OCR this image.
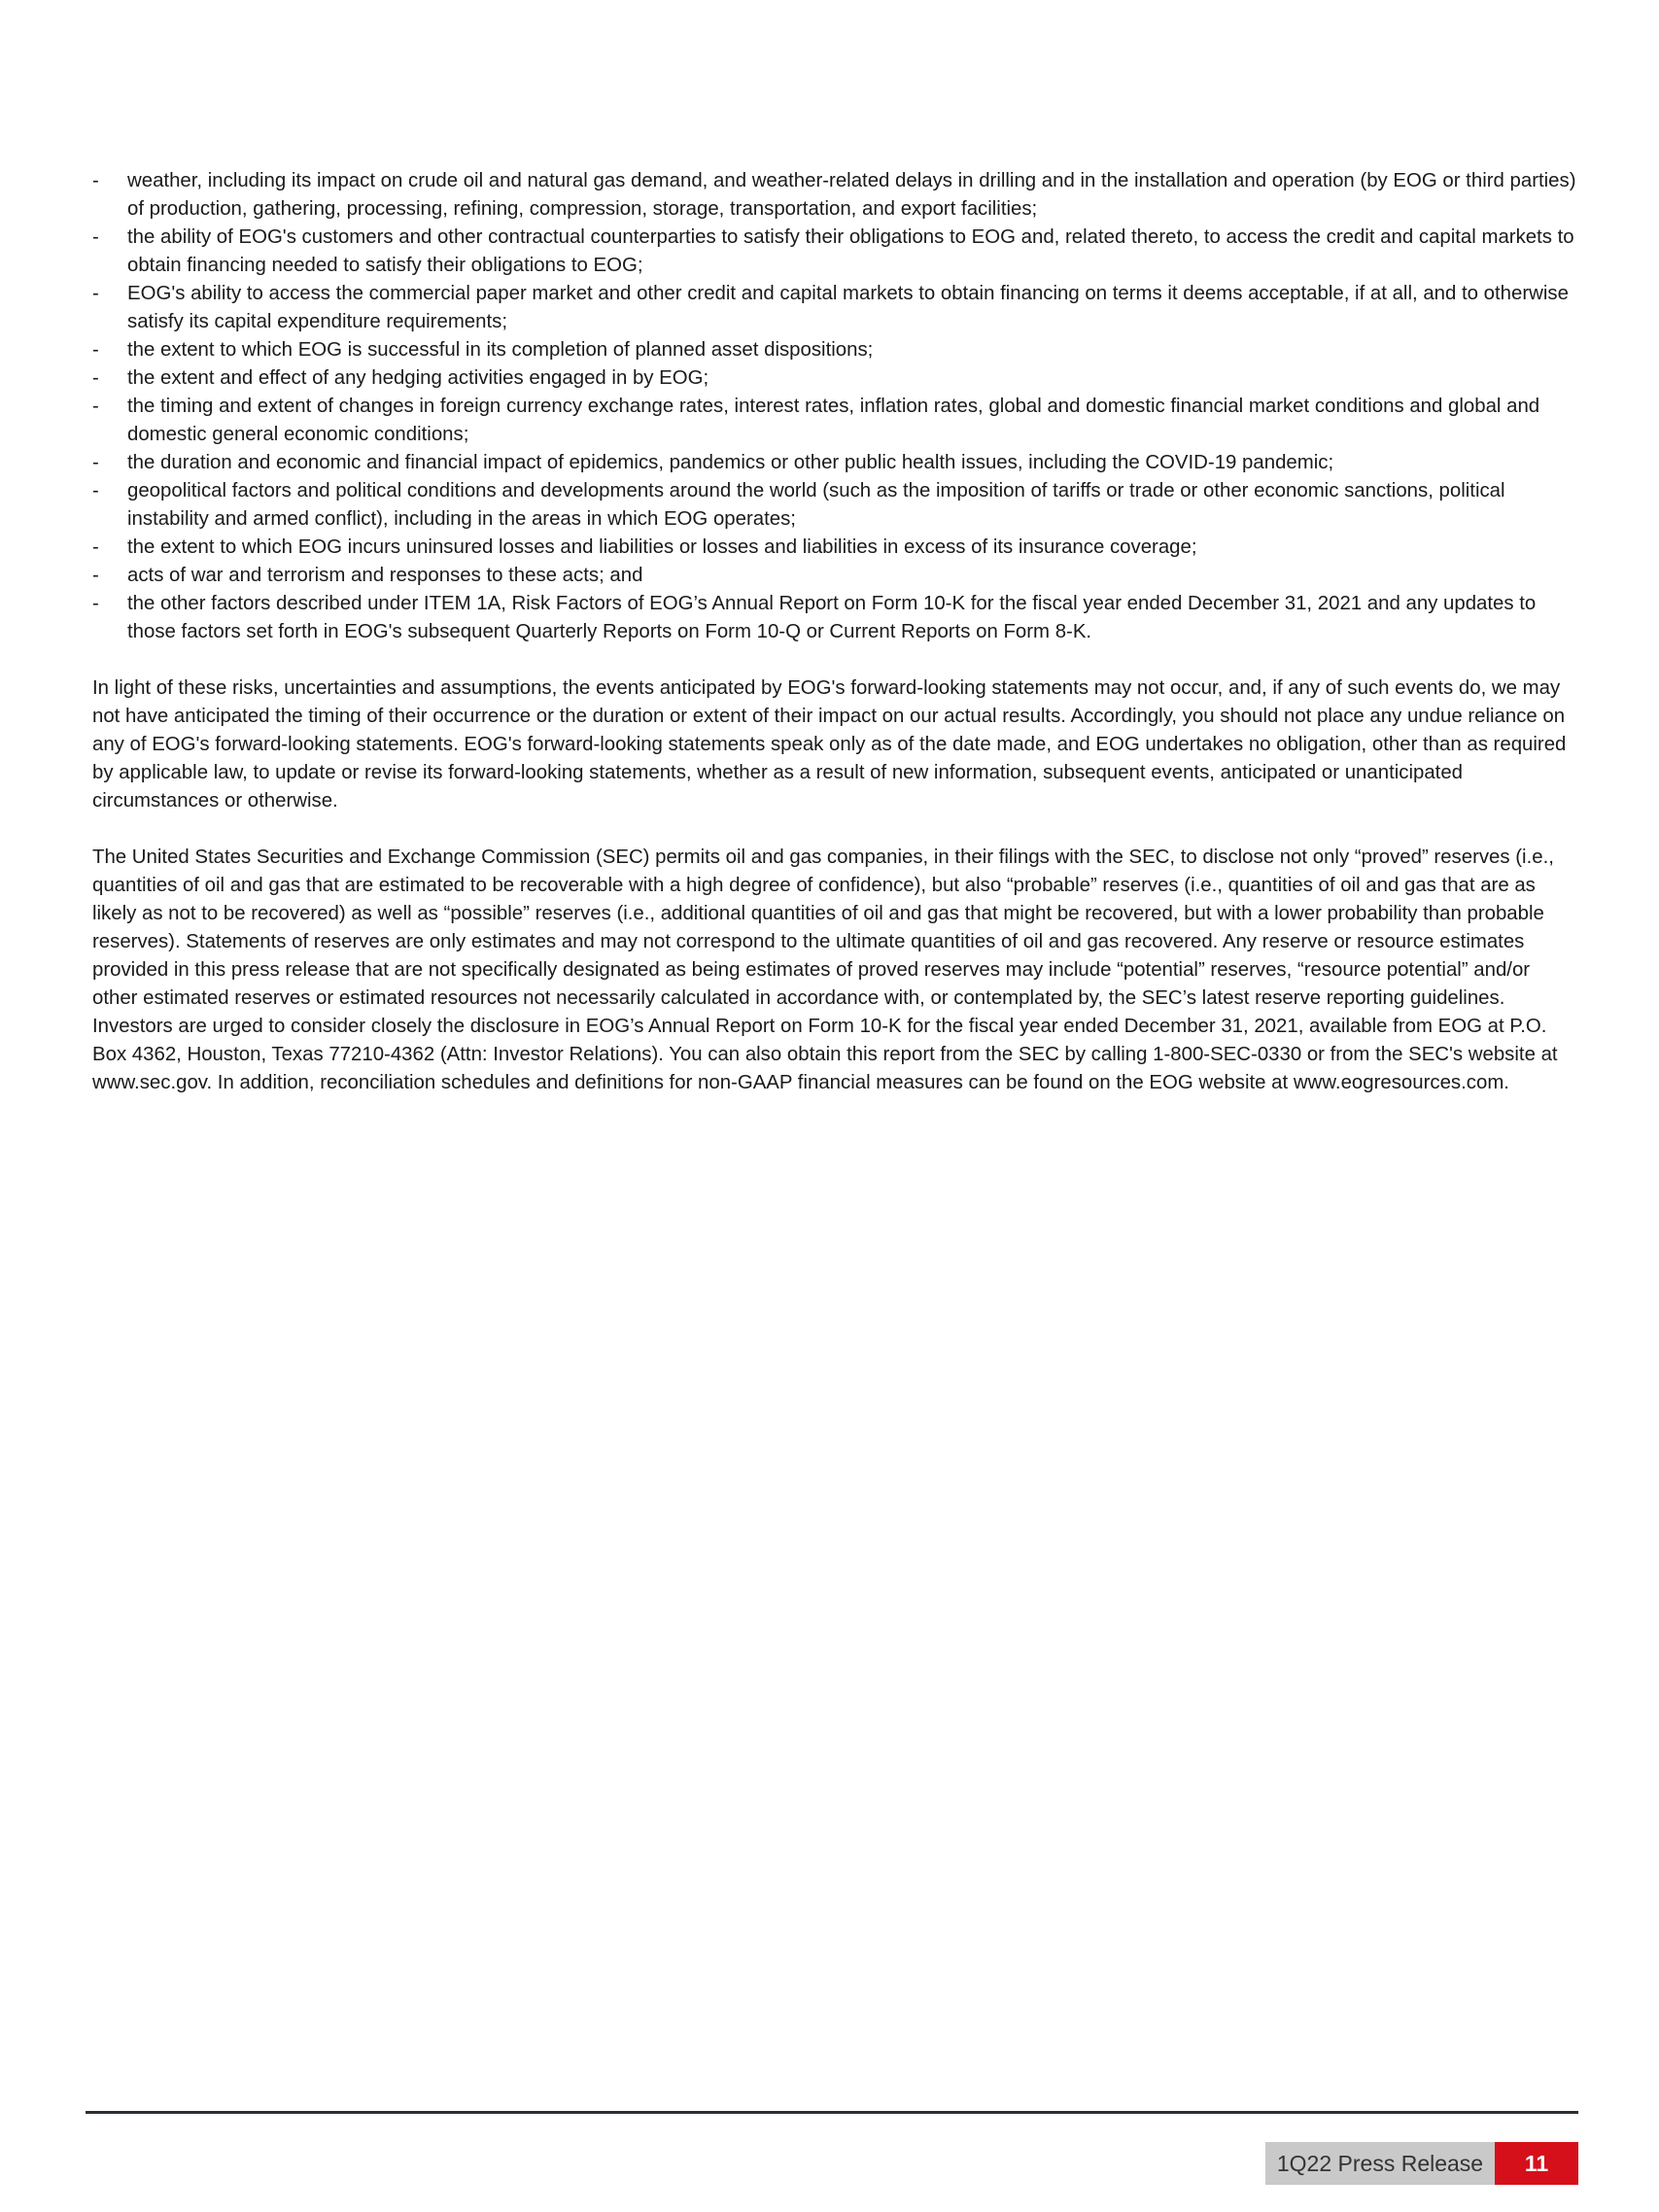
- weather, including its impact on crude oil and natural gas demand, and weather-related delays in drilling and in the installation and operation (by EOG or third parties) of production, gathering, processing, refining, compression, storage, transportation, and export facilities;
- the ability of EOG's customers and other contractual counterparties to satisfy their obligations to EOG and, related thereto, to access the credit and capital markets to obtain financing needed to satisfy their obligations to EOG;
- EOG's ability to access the commercial paper market and other credit and capital markets to obtain financing on terms it deems acceptable, if at all, and to otherwise satisfy its capital expenditure requirements;
- the extent to which EOG is successful in its completion of planned asset dispositions;
- the extent and effect of any hedging activities engaged in by EOG;
- the timing and extent of changes in foreign currency exchange rates, interest rates, inflation rates, global and domestic financial market conditions and global and domestic general economic conditions;
- the duration and economic and financial impact of epidemics, pandemics or other public health issues, including the COVID-19 pandemic;
- geopolitical factors and political conditions and developments around the world (such as the imposition of tariffs or trade or other economic sanctions, political instability and armed conflict), including in the areas in which EOG operates;
- the extent to which EOG incurs uninsured losses and liabilities or losses and liabilities in excess of its insurance coverage;
- acts of war and terrorism and responses to these acts; and
- the other factors described under ITEM 1A, Risk Factors of EOG’s Annual Report on Form 10-K for the fiscal year ended December 31, 2021 and any updates to those factors set forth in EOG's subsequent Quarterly Reports on Form 10-Q or Current Reports on Form 8-K.

In light of these risks, uncertainties and assumptions, the events anticipated by EOG's forward-looking statements may not occur, and, if any of such events do, we may not have anticipated the timing of their occurrence or the duration or extent of their impact on our actual results. Accordingly, you should not place any undue reliance on any of EOG's forward-looking statements. EOG's forward-looking statements speak only as of the date made, and EOG undertakes no obligation, other than as required by applicable law, to update or revise its forward-looking statements, whether as a result of new information, subsequent events, anticipated or unanticipated circumstances or otherwise.

The United States Securities and Exchange Commission (SEC) permits oil and gas companies, in their filings with the SEC, to disclose not only “proved” reserves (i.e., quantities of oil and gas that are estimated to be recoverable with a high degree of confidence), but also “probable” reserves (i.e., quantities of oil and gas that are as likely as not to be recovered) as well as “possible” reserves (i.e., additional quantities of oil and gas that might be recovered, but with a lower probability than probable reserves). Statements of reserves are only estimates and may not correspond to the ultimate quantities of oil and gas recovered. Any reserve or resource estimates provided in this press release that are not specifically designated as being estimates of proved reserves may include “potential” reserves, “resource potential” and/or other estimated reserves or estimated resources not necessarily calculated in accordance with, or contemplated by, the SEC’s latest reserve reporting guidelines. Investors are urged to consider closely the disclosure in EOG’s Annual Report on Form 10-K for the fiscal year ended December 31, 2021, available from EOG at P.O. Box 4362, Houston, Texas 77210-4362 (Attn: Investor Relations). You can also obtain this report from the SEC by calling 1-800-SEC-0330 or from the SEC's website at www.sec.gov. In addition, reconciliation schedules and definitions for non-GAAP financial measures can be found on the EOG website at www.eogresources.com.

1Q22 Press Release	11
